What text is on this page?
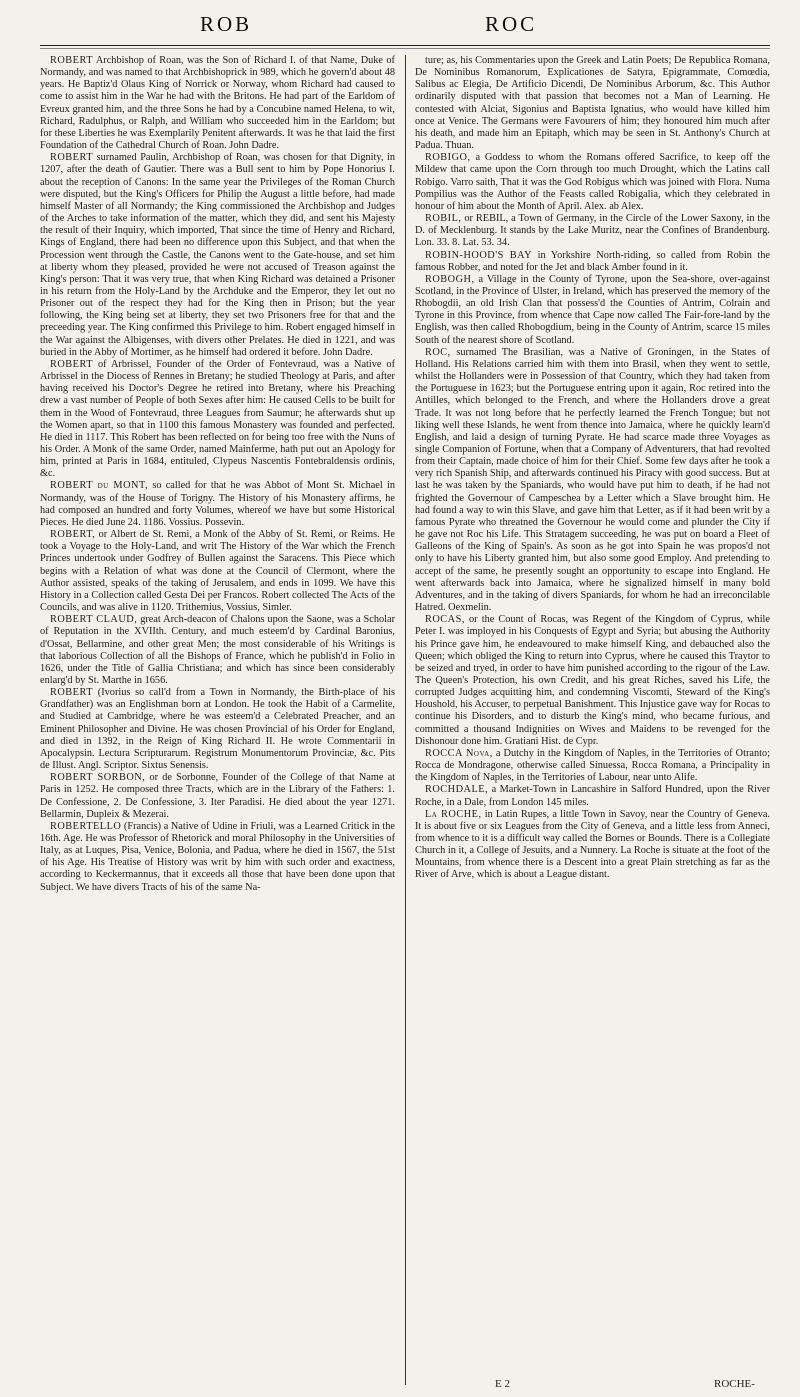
ROB	ROC

ROBERT Archbishop of Roan, was the Son of Richard I. of that Name, Duke of Normandy, and was named to that Archbishoprick in 989, which he govern'd about 48 years. He Baptiz'd Olaus King of Norrick or Norway, whom Richard had caused to come to assist him in the War he had with the Britons. He had part of the Earldom of Evreux granted him, and the three Sons he had by a Concubine named Helena, to wit, Richard, Radulphus, or Ralph, and William who succeeded him in the Earldom; but for these Liberties he was Exemplarily Penitent afterwards. It was he that laid the first Foundation of the Cathedral Church of Roan. John Dadre.

ROBERT surnamed Paulin, Archbishop of Roan, was chosen for that Dignity, in 1207, after the death of Gautier. There was a Bull sent to him by Pope Honorius I. about the reception of Canons: In the same year the Privileges of the Roman Church were disputed, but the King's Officers for Philip the August a little before, had made himself Master of all Normandy; the King commissioned the Archbishop and Judges of the Arches to take information of the matter, which they did, and sent his Majesty the result of their Inquiry, which imported, That since the time of Henry and Richard, Kings of England, there had been no difference upon this Subject, and that when the Procession went through the Castle, the Canons went to the Gate-house, and set him at liberty whom they pleased, provided he were not accused of Treason against the King's person: That it was very true, that when King Richard was detained a Prisoner in his return from the Holy-Land by the Archduke and the Emperor, they let out no Prisoner out of the respect they had for the King then in Prison; but the year following, the King being set at liberty, they set two Prisoners free for that and the preceeding year. The King confirmed this Privilege to him. Robert engaged himself in the War against the Albigenses, with divers other Prelates. He died in 1221, and was buried in the Abby of Mortimer, as he himself had ordered it before. John Dadre.

ROBERT of Arbrissel, Founder of the Order of Fontevraud, was a Native of Arbrissel in the Diocess of Rennes in Bretany; he studied Theology at Paris, and after having received his Doctor's Degree he retired into Bretany, where his Preaching drew a vast number of People of both Sexes after him: He caused Cells to be built for them in the Wood of Fontevraud, three Leagues from Saumur; he afterwards shut up the Women apart, so that in 1100 this famous Monastery was founded and perfected. He died in 1117. This Robert has been reflected on for being too free with the Nuns of his Order. A Monk of the same Order, named Mainferme, hath put out an Apology for him, printed at Paris in 1684, entituled, Clypeus Nascentis Fontebraldensis ordinis, &c.

ROBERT du MONT, so called for that he was Abbot of Mont St. Michael in Normandy, was of the House of Torigny. The History of his Monastery affirms, he had composed an hundred and forty Volumes, whereof we have but some Historical Pieces. He died June 24. 1186. Vossius. Possevin.

ROBERT, or Albert de St. Remi, a Monk of the Abby of St. Remi, or Reims. He took a Voyage to the Holy-Land, and writ The History of the War which the French Princes undertook under Godfrey of Bullen against the Saracens. This Piece which begins with a Relation of what was done at the Council of Clermont, where the Author assisted, speaks of the taking of Jerusalem, and ends in 1099. We have this History in a Collection called Gesta Dei per Francos. Robert collected The Acts of the Councils, and was alive in 1120. Trithemius, Vossius, Simler.

ROBERT CLAUD, great Arch-deacon of Chalons upon the Saone, was a Scholar of Reputation in the XVIIth. Century, and much esteem'd by Cardinal Baronius, d'Ossat, Bellarmine, and other great Men; the most considerable of his Writings is that laborious Collection of all the Bishops of France, which he publish'd in Folio in 1626, under the Title of Gallia Christiana; and which has since been considerably enlarg'd by St. Marthe in 1656.

ROBERT (Ivorius so call'd from a Town in Normandy, the Birth-place of his Grandfather) was an Englishman born at London. He took the Habit of a Carmelite, and Studied at Cambridge, where he was esteem'd a Celebrated Preacher, and an Eminent Philosopher and Divine. He was chosen Provincial of his Order for England, and died in 1392, in the Reign of King Richard II. He wrote Commentarii in Apocalypsin. Lectura Scripturarum. Registrum Monumentorum Provinciæ, &c. Pits de Illust. Angl. Scriptor. Sixtus Senensis.

ROBERT SORBON, or de Sorbonne, Founder of the College of that Name at Paris in 1252. He composed three Tracts, which are in the Library of the Fathers: 1. De Confessione, 2. De Confessione, 3. Iter Paradisi. He died about the year 1271. Bellarmin, Dupleix & Mezerai.

ROBERTELLO (Francis) a Native of Udine in Friuli, was a Learned Critick in the 16th. Age. He was Professor of Rhetorick and moral Philosophy in the Universities of Italy, as at Luques, Pisa, Venice, Bolonia, and Padua, where he died in 1567, the 51st of his Age. His Treatise of History was writ by him with such order and exactness, according to Keckermannus, that it exceeds all those that have been done upon that Subject. We have divers Tracts of his of the same Na-

ture; as, his Commentaries upon the Greek and Latin Poets; De Republica Romana, De Nominibus Romanorum, Explicationes de Satyra, Epigrammate, Comœdia, Salibus ac Elegia, De Artificio Dicendi, De Nominibus Arborum, &c. This Author ordinarily disputed with that passion that becomes not a Man of Learning. He contested with Alciat, Sigonius and Baptista Ignatius, who would have killed him once at Venice. The Germans were Favourers of him; they honoured him much after his death, and made him an Epitaph, which may be seen in St. Anthony's Church at Padua. Thuan.

ROBIGO, a Goddess to whom the Romans offered Sacrifice, to keep off the Mildew that came upon the Corn through too much Drought, which the Latins call Robigo. Varro saith, That it was the God Robigus which was joined with Flora. Numa Pompilius was the Author of the Feasts called Robigalia, which they celebrated in honour of him about the Month of April. Alex. ab Alex.

ROBIL, or REBIL, a Town of Germany, in the Circle of the Lower Saxony, in the D. of Mecklenburg. It stands by the Lake Muritz, near the Confines of Brandenburg. Lon. 33. 8. Lat. 53. 34.

ROBIN-HOOD'S BAY in Yorkshire North-riding, so called from Robin the famous Robber, and noted for the Jet and black Amber found in it.

ROBOGH, a Village in the County of Tyrone, upon the Sea-shore, over-against Scotland, in the Province of Ulster, in Ireland, which has preserved the memory of the Rhobogdii, an old Irish Clan that possess'd the Counties of Antrim, Colrain and Tyrone in this Province, from whence that Cape now called The Fair-fore-land by the English, was then called Rhobogdium, being in the County of Antrim, scarce 15 miles South of the nearest shore of Scotland.

ROC, surnamed The Brasilian, was a Native of Groningen, in the States of Holland. His Relations carried him with them into Brasil, when they went to settle, whilst the Hollanders were in Possession of that Country, which they had taken from the Portuguese in 1623; but the Portuguese entring upon it again, Roc retired into the Antilles, which belonged to the French, and where the Hollanders drove a great Trade. It was not long before that he perfectly learned the French Tongue; but not liking well these Islands, he went from thence into Jamaica, where he quickly learn'd English, and laid a design of turning Pyrate. He had scarce made three Voyages as single Companion of Fortune, when that a Company of Adventurers, that had revolted from their Captain, made choice of him for their Chief. Some few days after he took a very rich Spanish Ship, and afterwards continued his Piracy with good success. But at last he was taken by the Spaniards, who would have put him to death, if he had not frighted the Governour of Campeschea by a Letter which a Slave brought him. He had found a way to win this Slave, and gave him that Letter, as if it had been writ by a famous Pyrate who threatned the Governour he would come and plunder the City if he gave not Roc his Life. This Stratagem succeeding, he was put on board a Fleet of Galleons of the King of Spain's. As soon as he got into Spain he was propos'd not only to have his Liberty granted him, but also some good Employ. And pretending to accept of the same, he presently sought an opportunity to escape into England. He went afterwards back into Jamaica, where he signalized himself in many bold Adventures, and in the taking of divers Spaniards, for whom he had an irreconcilable Hatred. Oexmelin.

ROCAS, or the Count of Rocas, was Regent of the Kingdom of Cyprus, while Peter I. was imployed in his Conquests of Egypt and Syria; but abusing the Authority his Prince gave him, he endeavoured to make himself King, and debauched also the Queen; which obliged the King to return into Cyprus, where he caused this Traytor to be seized and tryed, in order to have him punished according to the rigour of the Law. The Queen's Protection, his own Credit, and his great Riches, saved his Life, the corrupted Judges acquitting him, and condemning Viscomti, Steward of the King's Houshold, his Accuser, to perpetual Banishment. This Injustice gave way for Rocas to continue his Disorders, and to disturb the King's mind, who became furious, and committed a thousand Indignities on Wives and Maidens to be revenged for the Dishonour done him. Gratiani Hist. de Cypr.

ROCCA Nova, a Dutchy in the Kingdom of Naples, in the Territories of Otranto; Rocca de Mondragone, otherwise called Sinuessa, Rocca Romana, a Principality in the Kingdom of Naples, in the Territories of Labour, near unto Alife.

ROCHDALE, a Market-Town in Lancashire in Salford Hundred, upon the River Roche, in a Dale, from London 145 miles.

La ROCHE, in Latin Rupes, a little Town in Savoy, near the Country of Geneva. It is about five or six Leagues from the City of Geneva, and a little less from Anneci, from whence to it is a difficult way called the Bornes or Bounds. There is a Collegiate Church in it, a College of Jesuits, and a Nunnery. La Roche is situate at the foot of the Mountains, from whence there is a Descent into a great Plain stretching as far as the River of Arve, which is about a League distant.

E 2	ROCHE-
